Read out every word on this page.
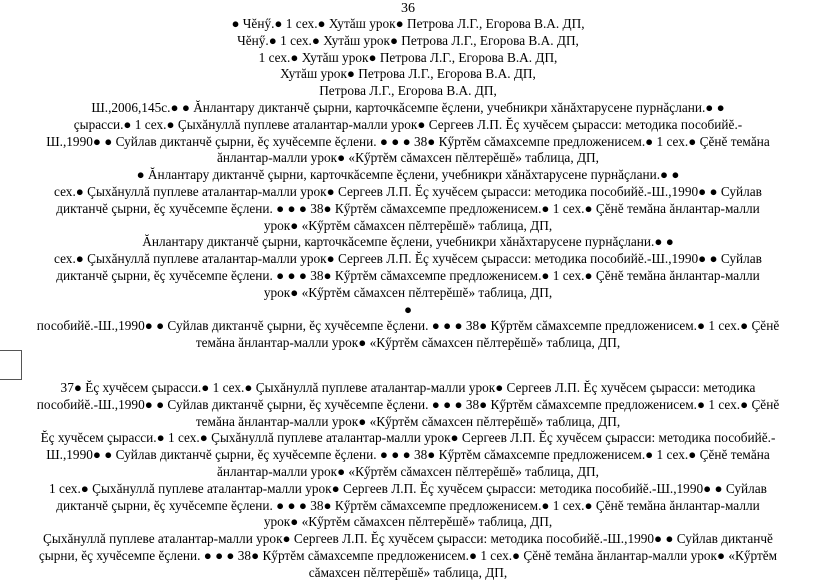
36
● Чĕнӳ.● 1 сех.● Хутăш урок● Петрова Л.Г., Егорова В.А. ДП,
Чĕнӳ.● 1 сех.● Хутăш урок● Петрова Л.Г., Егорова В.А. ДП,
1 сех.● Хутăш урок● Петрова Л.Г., Егорова В.А. ДП,
Хутăш урок● Петрова Л.Г., Егорова В.А. ДП,
Петрова Л.Г., Егорова В.А. ДП,
Ш.,2006,145с.● ● Ăнлантару диктанчĕ çырни, карточкăсемпе ĕçлени, учебникри хăнăхтарусене пурнăçлани.● ●
çырасси.● 1 сех.● Çыхăнуллă пуплеве аталантар-малли урок● Сергеев Л.П. Ĕç хучĕсем çырасси: методика пособийĕ.-
Ш.,1990● ● Суйлав диктанчĕ çырни, ĕç хучĕсемпе ĕçлени. ● ● ● 38● Кӳртĕм сăмахсемпе предложенисем.● 1 сех.● Çĕнĕ темăна
ăнлантар-малли урок● «Кӳртĕм сăмахсен пĕлтерĕшĕ» таблица, ДП,
● Ăнлантару диктанчĕ çырни, карточкăсемпе ĕçлени, учебникри хăнăхтарусене пурнăçлани.● ●
сех.● Çыхăнуллă пуплеве аталантар-малли урок● Сергеев Л.П. Ĕç хучĕсем çырасси: методика пособийĕ.-Ш.,1990● ● Суйлав
диктанчĕ çырни, ĕç хучĕсемпе ĕçлени. ● ● ● 38● Кӳртĕм сăмахсемпе предложенисем.● 1 сех.● Çĕнĕ темăна ăнлантар-малли
урок● «Кӳртĕм сăмахсен пĕлтерĕшĕ» таблица, ДП,
Ăнлантару диктанчĕ çырни, карточкăсемпе ĕçлени, учебникри хăнăхтарусене пурнăçлани.● ●
сех.● Çыхăнуллă пуплеве аталантар-малли урок● Сергеев Л.П. Ĕç хучĕсем çырасси: методика пособийĕ.-Ш.,1990● ● Суйлав
диктанчĕ çырни, ĕç хучĕсемпе ĕçлени. ● ● ● 38● Кӳртĕм сăмахсемпе предложенисем.● 1 сех.● Çĕнĕ темăна ăнлантар-малли
урок● «Кӳртĕм сăмахсен пĕлтерĕшĕ» таблица, ДП,
●
пособийĕ.-Ш.,1990● ● Суйлав диктанчĕ çырни, ĕç хучĕсемпе ĕçлени. ● ● ● 38● Кӳртĕм сăмахсемпе предложенисем.● 1 сех.● Çĕнĕ
темăна ăнлантар-малли урок● «Кӳртĕм сăмахсен пĕлтерĕшĕ» таблица, ДП,
37● Ĕç хучĕсем çырасси.● 1 сех.● Çыхăнуллă пуплеве аталантар-малли урок● Сергеев Л.П. Ĕç хучĕсем çырасси: методика
пособийĕ.-Ш.,1990● ● Суйлав диктанчĕ çырни, ĕç хучĕсемпе ĕçлени. ● ● ● 38● Кӳртĕм сăмахсемпе предложенисем.● 1 сех.● Çĕнĕ
темăна ăнлантар-малли урок● «Кӳртĕм сăмахсен пĕлтерĕшĕ» таблица, ДП,
Ĕç хучĕсем çырасси.● 1 сех.● Çыхăнуллă пуплеве аталантар-малли урок● Сергеев Л.П. Ĕç хучĕсем çырасси: методика пособийĕ.-
Ш.,1990● ● Суйлав диктанчĕ çырни, ĕç хучĕсемпе ĕçлени. ● ● ● 38● Кӳртĕм сăмахсемпе предложенисем.● 1 сех.● Çĕнĕ темăна
ăнлантар-малли урок● «Кӳртĕм сăмахсен пĕлтерĕшĕ» таблица, ДП,
1 сех.● Çыхăнуллă пуплеве аталантар-малли урок● Сергеев Л.П. Ĕç хучĕсем çырасси: методика пособийĕ.-Ш.,1990● ● Суйлав
диктанчĕ çырни, ĕç хучĕсемпе ĕçлени. ● ● ● 38● Кӳртĕм сăмахсемпе предложенисем.● 1 сех.● Çĕнĕ темăна ăнлантар-малли
урок● «Кӳртĕм сăмахсен пĕлтерĕшĕ» таблица, ДП,
Çыхăнуллă пуплеве аталантар-малли урок● Сергеев Л.П. Ĕç хучĕсем çырасси: методика пособийĕ.-Ш.,1990● ● Суйлав диктанчĕ
çырни, ĕç хучĕсемпе ĕçлени. ● ● ● 38● Кӳртĕм сăмахсемпе предложенисем.● 1 сех.● Çĕнĕ темăна ăнлантар-малли урок● «Кӳртĕм
сăмахсен пĕлтерĕшĕ» таблица, ДП,
